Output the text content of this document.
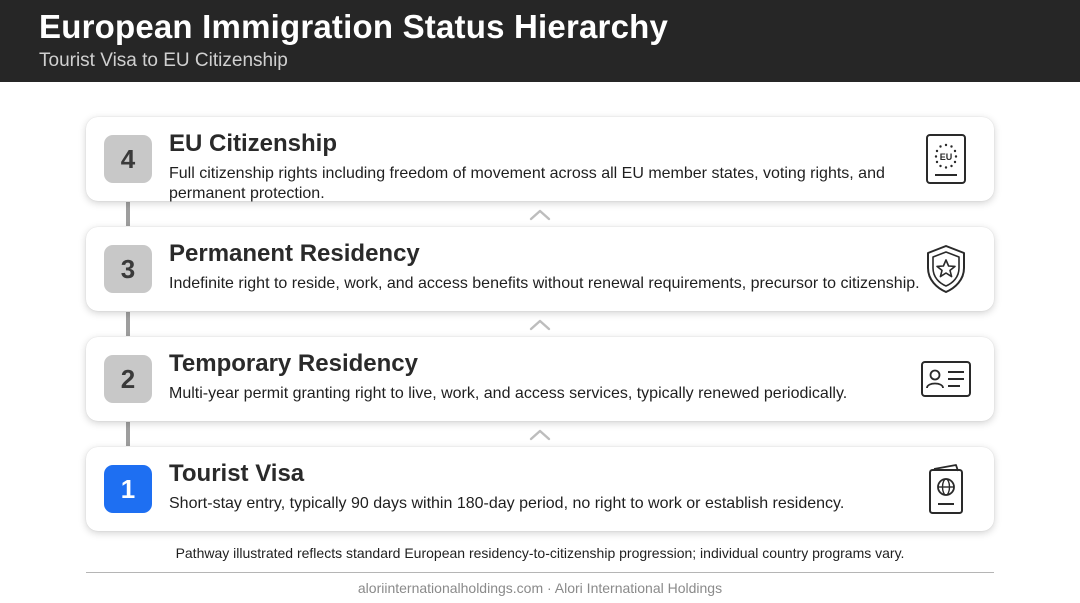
European Immigration Status Hierarchy
Tourist Visa to EU Citizenship
4	EU Citizenship
Full citizenship rights including freedom of movement across all EU member states, voting rights, and permanent protection.
EU
3	Permanent Residency
Indefinite right to reside, work, and access benefits without renewal requirements, precursor to citizenship.
2	Temporary Residency
Multi-year permit granting right to live, work, and access services, typically renewed periodically.
1	Tourist Visa
Short-stay entry, typically 90 days within 180-day period, no right to work or establish residency.
Pathway illustrated reflects standard European residency-to-citizenship progression; individual country programs vary.
aloriinternationalholdings.com · Alori International Holdings
